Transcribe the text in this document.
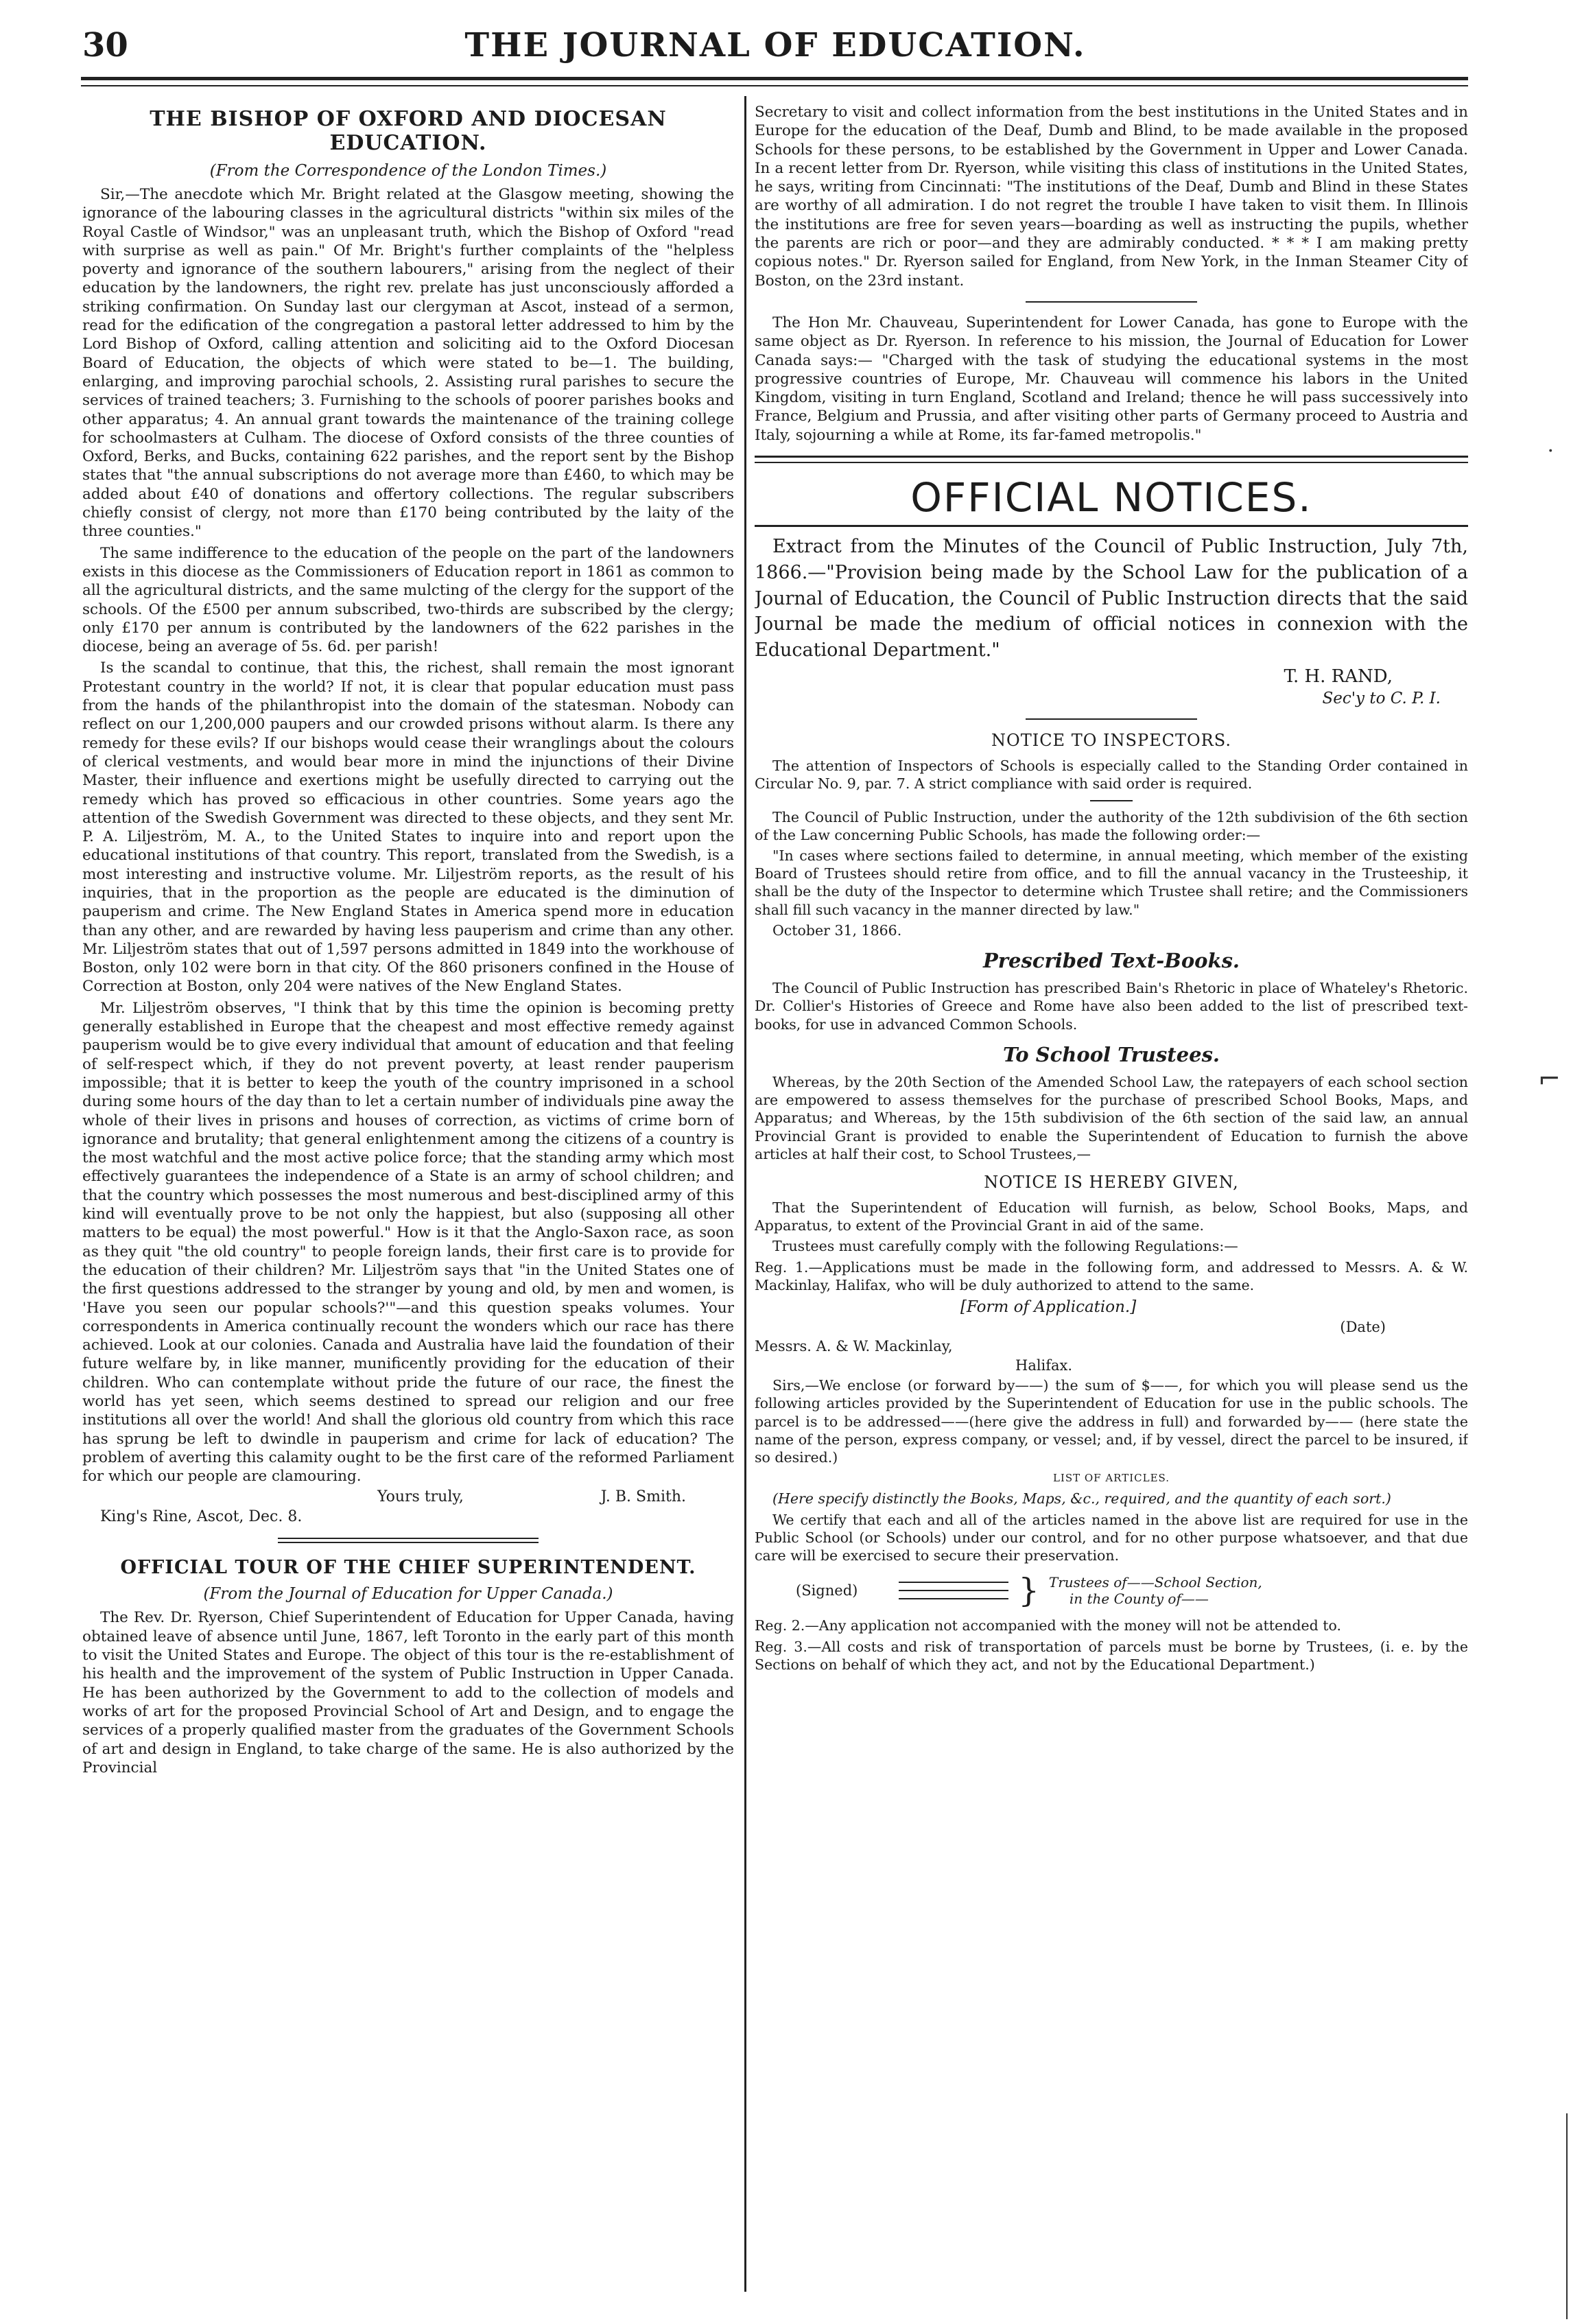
30	THE JOURNAL OF EDUCATION.
THE BISHOP OF OXFORD AND DIOCESAN EDUCATION.
(From the Correspondence of the London Times.)

Sir,—The anecdote which Mr. Bright related at the Glasgow meeting, showing the ignorance of the labouring classes in the agricultural districts "within six miles of the Royal Castle of Windsor," was an unpleasant truth, which the Bishop of Oxford "read with surprise as well as pain." Of Mr. Bright's further complaints of the "helpless poverty and ignorance of the southern labourers," arising from the neglect of their education by the landowners, the right rev. prelate has just unconsciously afforded a striking confirmation. On Sunday last our clergyman at Ascot, instead of a sermon, read for the edification of the congregation a pastoral letter addressed to him by the Lord Bishop of Oxford, calling attention and soliciting aid to the Oxford Diocesan Board of Education, the objects of which were stated to be—1. The building, enlarging, and improving parochial schools, 2. Assisting rural parishes to secure the services of trained teachers; 3. Furnishing to the schools of poorer parishes books and other apparatus; 4. An annual grant towards the maintenance of the training college for schoolmasters at Culham. The diocese of Oxford consists of the three counties of Oxford, Berks, and Bucks, containing 622 parishes, and the report sent by the Bishop states that "the annual subscriptions do not average more than £460, to which may be added about £40 of donations and offertory collections. The regular subscribers chiefly consist of clergy, not more than £170 being contributed by the laity of the three counties."

The same indifference to the education of the people on the part of the landowners exists in this diocese as the Commissioners of Education report in 1861 as common to all the agricultural districts, and the same mulcting of the clergy for the support of the schools. Of the £500 per annum subscribed, two-thirds are subscribed by the clergy; only £170 per annum is contributed by the landowners of the 622 parishes in the diocese, being an average of 5s. 6d. per parish!

Is the scandal to continue, that this, the richest, shall remain the most ignorant Protestant country in the world? If not, it is clear that popular education must pass from the hands of the philanthropist into the domain of the statesman. Nobody can reflect on our 1,200,000 paupers and our crowded prisons without alarm. Is there any remedy for these evils? If our bishops would cease their wranglings about the colours of clerical vestments, and would bear more in mind the injunctions of their Divine Master, their influence and exertions might be usefully directed to carrying out the remedy which has proved so efficacious in other countries. Some years ago the attention of the Swedish Government was directed to these objects, and they sent Mr. P. A. Liljeström, M. A., to the United States to inquire into and report upon the educational institutions of that country. This report, translated from the Swedish, is a most interesting and instructive volume. Mr. Liljeström reports, as the result of his inquiries, that in the proportion as the people are educated is the diminution of pauperism and crime. The New England States in America spend more in education than any other, and are rewarded by having less pauperism and crime than any other. Mr. Liljeström states that out of 1,597 persons admitted in 1849 into the workhouse of Boston, only 102 were born in that city. Of the 860 prisoners confined in the House of Correction at Boston, only 204 were natives of the New England States.

Mr. Liljeström observes, "I think that by this time the opinion is becoming pretty generally established in Europe that the cheapest and most effective remedy against pauperism would be to give every individual that amount of education and that feeling of self-respect which, if they do not prevent poverty, at least render pauperism impossible; that it is better to keep the youth of the country imprisoned in a school during some hours of the day than to let a certain number of individuals pine away the whole of their lives in prisons and houses of correction, as victims of crime born of ignorance and brutality; that general enlightenment among the citizens of a country is the most watchful and the most active police force; that the standing army which most effectively guarantees the independence of a State is an army of school children; and that the country which possesses the most numerous and best-disciplined army of this kind will eventually prove to be not only the happiest, but also (supposing all other matters to be equal) the most powerful." How is it that the Anglo-Saxon race, as soon as they quit "the old country" to people foreign lands, their first care is to provide for the education of their children? Mr. Liljeström says that "in the United States one of the first questions addressed to the stranger by young and old, by men and women, is 'Have you seen our popular schools?'"—and this question speaks volumes. Your correspondents in America continually recount the wonders which our race has there achieved. Look at our colonies. Canada and Australia have laid the foundation of their future welfare by, in like manner, munificently providing for the education of their children. Who can contemplate without pride the future of our race, the finest the world has yet seen, which seems destined to spread our religion and our free institutions all over the world! And shall the glorious old country from which this race has sprung be left to dwindle in pauperism and crime for lack of education? The problem of averting this calamity ought to be the first care of the reformed Parliament for which our people are clamouring.

Yours truly,	J. B. Smith.
King's Rine, Ascot, Dec. 8.
OFFICIAL TOUR OF THE CHIEF SUPERINTENDENT.
(From the Journal of Education for Upper Canada.)

The Rev. Dr. Ryerson, Chief Superintendent of Education for Upper Canada, having obtained leave of absence until June, 1867, left Toronto in the early part of this month to visit the United States and Europe. The object of this tour is the re-establishment of his health and the improvement of the system of Public Instruction in Upper Canada. He has been authorized by the Government to add to the collection of models and works of art for the proposed Provincial School of Art and Design, and to engage the services of a properly qualified master from the graduates of the Government Schools of art and design in England, to take charge of the same. He is also authorized by the Provincial

Secretary to visit and collect information from the best institutions in the United States and in Europe for the education of the Deaf, Dumb and Blind, to be made available in the proposed Schools for these persons, to be established by the Government in Upper and Lower Canada. In a recent letter from Dr. Ryerson, while visiting this class of institutions in the United States, he says, writing from Cincinnati: "The institutions of the Deaf, Dumb and Blind in these States are worthy of all admiration. I do not regret the trouble I have taken to visit them. In Illinois the institutions are free for seven years—boarding as well as instructing the pupils, whether the parents are rich or poor—and they are admirably conducted. * * * I am making pretty copious notes." Dr. Ryerson sailed for England, from New York, in the Inman Steamer City of Boston, on the 23rd instant.

The Hon Mr. Chauveau, Superintendent for Lower Canada, has gone to Europe with the same object as Dr. Ryerson. In reference to his mission, the Journal of Education for Lower Canada says:— "Charged with the task of studying the educational systems in the most progressive countries of Europe, Mr. Chauveau will commence his labors in the United Kingdom, visiting in turn England, Scotland and Ireland; thence he will pass successively into France, Belgium and Prussia, and after visiting other parts of Germany proceed to Austria and Italy, sojourning a while at Rome, its far-famed metropolis."

OFFICIAL NOTICES.

Extract from the Minutes of the Council of Public Instruction, July 7th, 1866.—"Provision being made by the School Law for the publication of a Journal of Education, the Council of Public Instruction directs that the said Journal be made the medium of official notices in connexion with the Educational Department."

T. H. RAND,
Sec'y to C. P. I.
NOTICE TO INSPECTORS.

The attention of Inspectors of Schools is especially called to the Standing Order contained in Circular No. 9, par. 7. A strict compliance with said order is required.

The Council of Public Instruction, under the authority of the 12th subdivision of the 6th section of the Law concerning Public Schools, has made the following order:—

"In cases where sections failed to determine, in annual meeting, which member of the existing Board of Trustees should retire from office, and to fill the annual vacancy in the Trusteeship, it shall be the duty of the Inspector to determine which Trustee shall retire; and the Commissioners shall fill such vacancy in the manner directed by law."

October 31, 1866.

Prescribed Text-Books.

The Council of Public Instruction has prescribed Bain's Rhetoric in place of Whateley's Rhetoric. Dr. Collier's Histories of Greece and Rome have also been added to the list of prescribed text-books, for use in advanced Common Schools.

To School Trustees.

Whereas, by the 20th Section of the Amended School Law, the ratepayers of each school section are empowered to assess themselves for the purchase of prescribed School Books, Maps, and Apparatus; and Whereas, by the 15th subdivision of the 6th section of the said law, an annual Provincial Grant is provided to enable the Superintendent of Education to furnish the above articles at half their cost, to School Trustees,—

NOTICE IS HEREBY GIVEN,

That the Superintendent of Education will furnish, as below, School Books, Maps, and Apparatus, to extent of the Provincial Grant in aid of the same.

Trustees must carefully comply with the following Regulations:—

Reg. 1.—Applications must be made in the following form, and addressed to Messrs. A. & W. Mackinlay, Halifax, who will be duly authorized to attend to the same.

[Form of Application.]
(Date)
Messrs. A. & W. Mackinlay,
Halifax.

Sirs,—We enclose (or forward by——) the sum of $——, for which you will please send us the following articles provided by the Superintendent of Education for use in the public schools. The parcel is to be addressed——(here give the address in full) and forwarded by—— (here state the name of the person, express company, or vessel; and, if by vessel, direct the parcel to be insured, if so desired.)

LIST OF ARTICLES.

(Here specify distinctly the Books, Maps, &c., required, and the quantity of each sort.)

We certify that each and all of the articles named in the above list are required for use in the Public School (or Schools) under our control, and for no other purpose whatsoever, and that due care will be exercised to secure their preservation.

(Signed)	} Trustees of——School Section,
in the County of——

Reg. 2.—Any application not accompanied with the money will not be attended to.

Reg. 3.—All costs and risk of transportation of parcels must be borne by Trustees, (i. e. by the Sections on behalf of which they act, and not by the Educational Department.)

·
⌐
